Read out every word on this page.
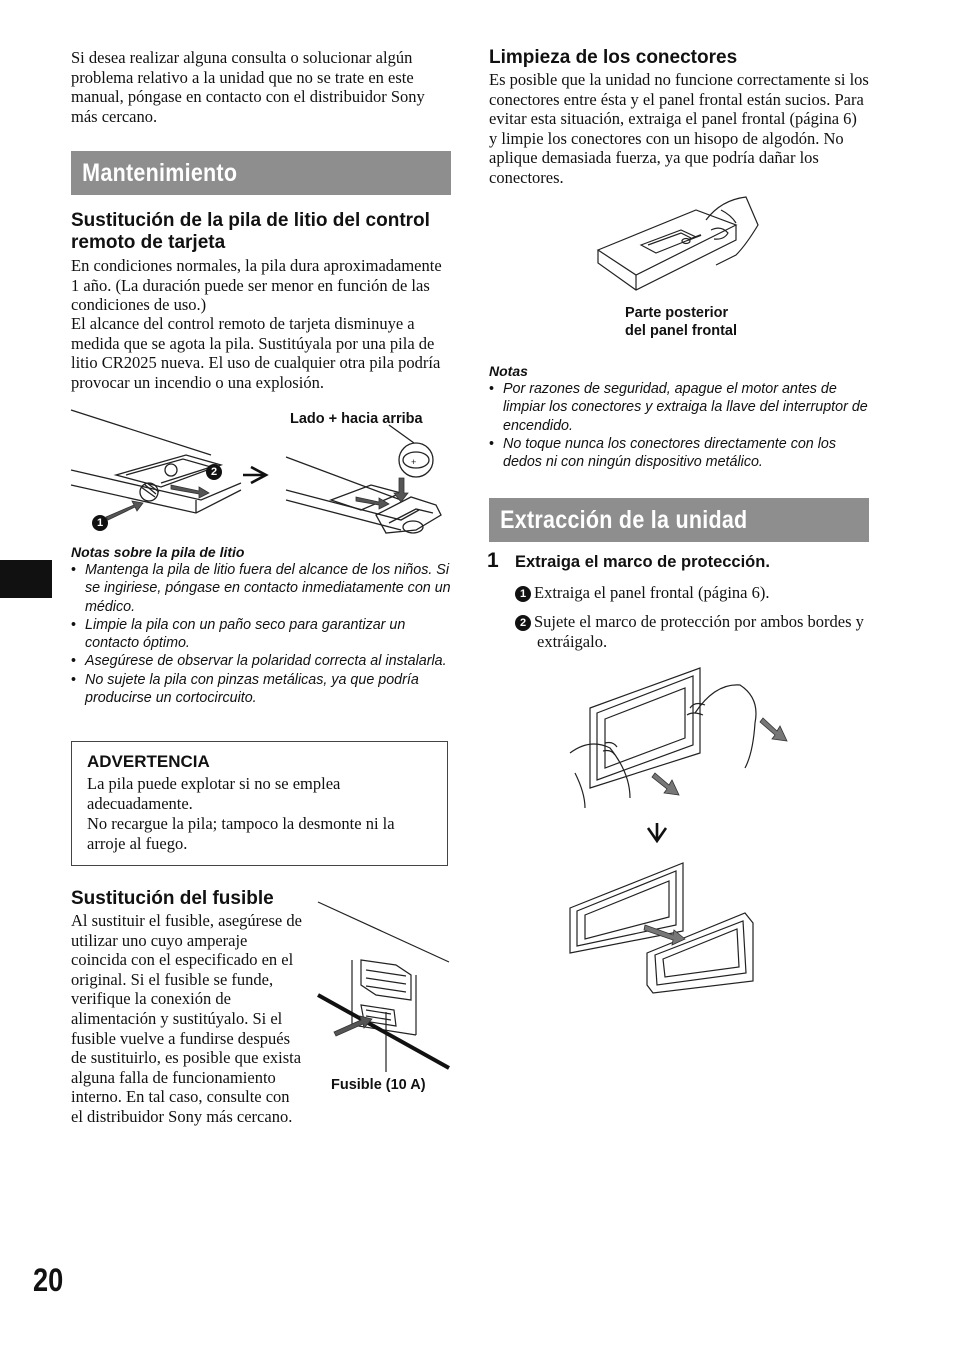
Si desea realizar alguna consulta o solucionar algún problema relativo a la unidad que no se trate en este manual, póngase en contacto con el distribuidor Sony más cercano.
Mantenimiento
Sustitución de la pila de litio del control remoto de tarjeta
En condiciones normales, la pila dura aproximadamente 1 año. (La duración puede ser menor en función de las condiciones de uso.)
El alcance del control remoto de tarjeta disminuye a medida que se agota la pila. Sustitúyala por una pila de litio CR2025 nueva. El uso de cualquier otra pila podría provocar un incendio o una explosión.
Lado + hacia arriba
+
2
1
Notas sobre la pila de litio
• Mantenga la pila de litio fuera del alcance de los niños. Si se ingiriese, póngase en contacto inmediatamente con un médico.
• Limpie la pila con un paño seco para garantizar un contacto óptimo.
• Asegúrese de observar la polaridad correcta al instalarla.
• No sujete la pila con pinzas metálicas, ya que podría producirse un cortocircuito.
ADVERTENCIA
La pila puede explotar si no se emplea adecuadamente.
No recargue la pila; tampoco la desmonte ni la arroje al fuego.
Sustitución del fusible
Al sustituir el fusible, asegúrese de utilizar uno cuyo amperaje coincida con el especificado en el original. Si el fusible se funde, verifique la conexión de alimentación y sustitúyalo. Si el fusible vuelve a fundirse después de sustituirlo, es posible que exista alguna falla de funcionamiento interno. En tal caso, consulte con el distribuidor Sony más cercano.
Fusible (10 A)
20
Limpieza de los conectores
Es posible que la unidad no funcione correctamente si los conectores entre ésta y el panel frontal están sucios. Para evitar esta situación, extraiga el panel frontal (página 6) y limpie los conectores con un hisopo de algodón. No aplique demasiada fuerza, ya que podría dañar los conectores.
Parte posterior
del panel frontal
Notas
• Por razones de seguridad, apague el motor antes de limpiar los conectores y extraiga la llave del interruptor de encendido.
• No toque nunca los conectores directamente con los dedos ni con ningún dispositivo metálico.
Extracción de la unidad
1 Extraiga el marco de protección.
1 Extraiga el panel frontal (página 6).
2 Sujete el marco de protección por ambos bordes y extráigalo.
